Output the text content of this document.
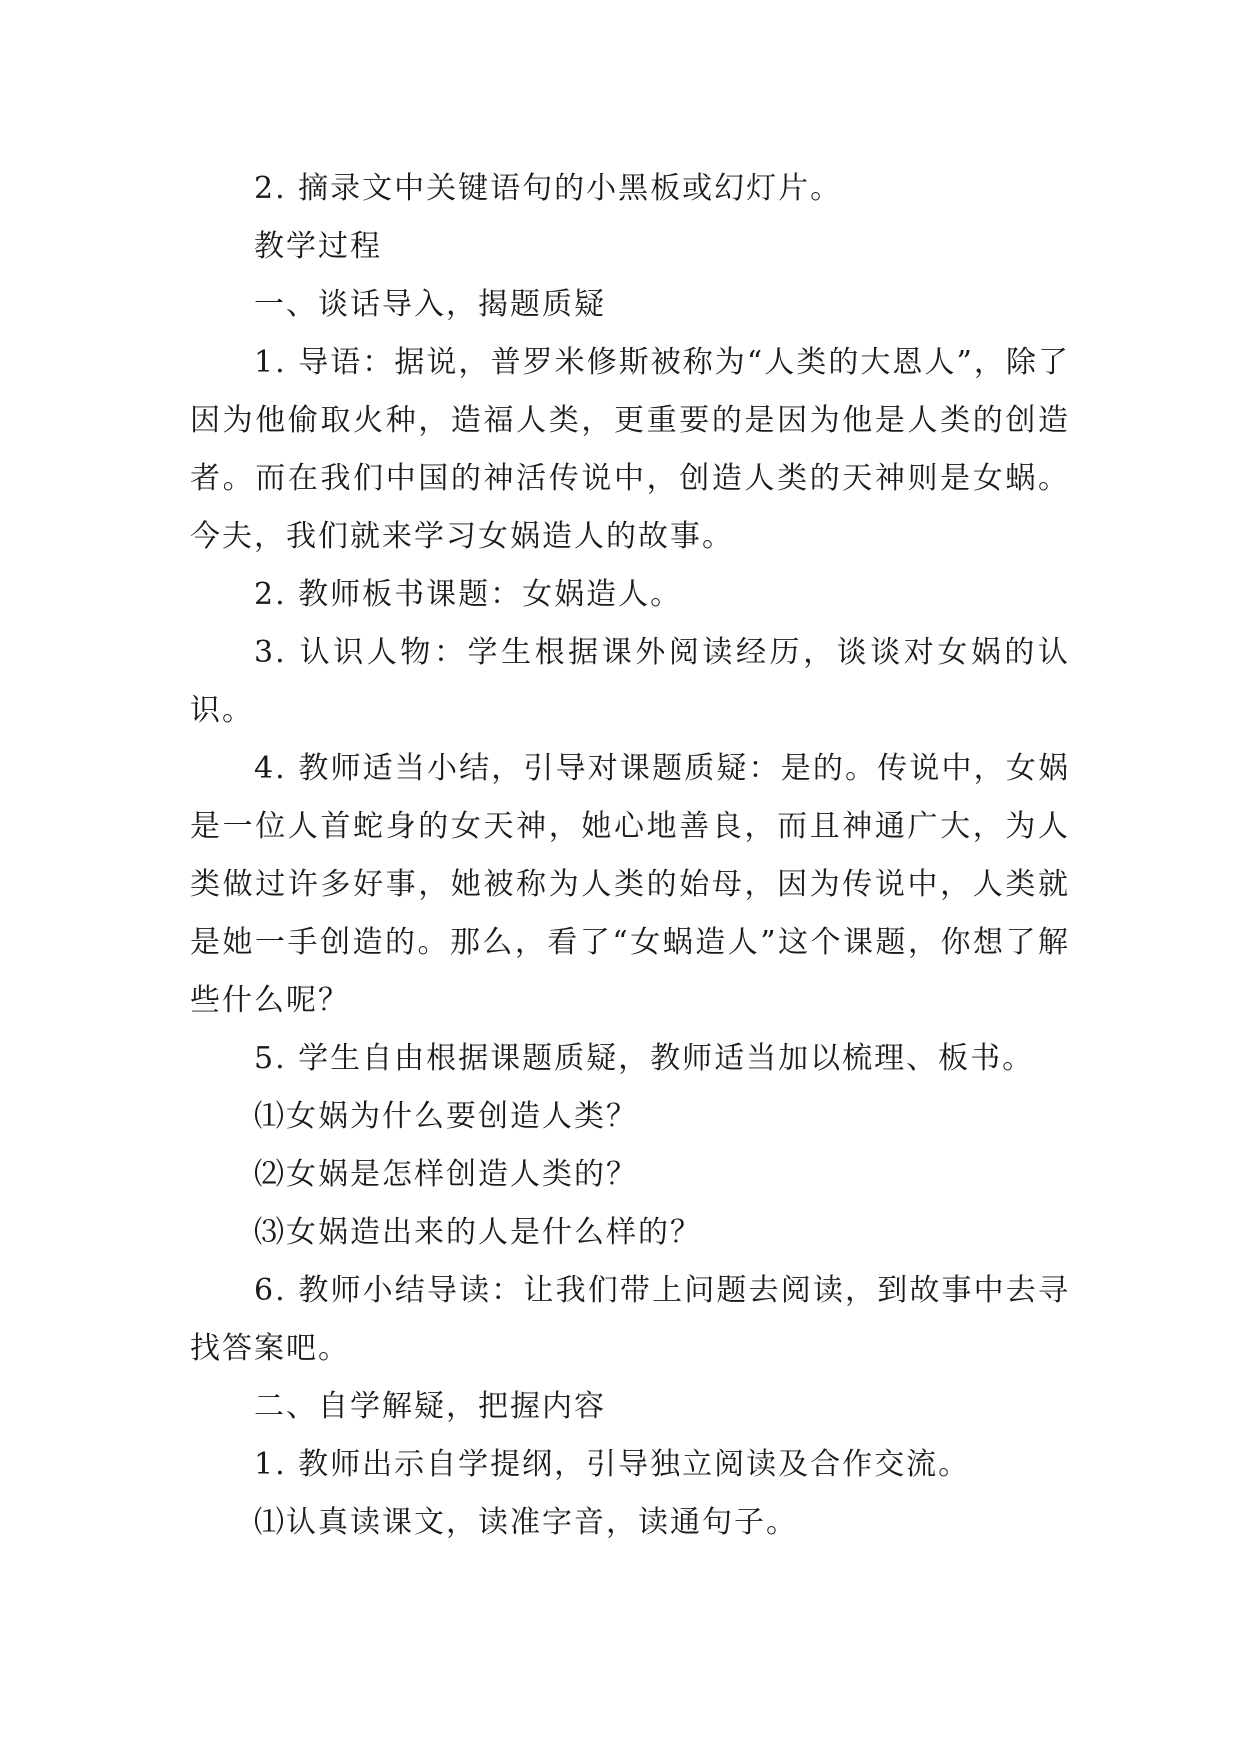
2. 摘录文中关键语句的小黑板或幻灯片。

教学过程

一、谈话导入，揭题质疑

1. 导语：据说，普罗米修斯被称为“人类的大恩人”，除了因为他偷取火种，造福人类，更重要的是因为他是人类的创造者。而在我们中国的神活传说中，创造人类的天神则是女蜗。今夫，我们就来学习女娲造人的故事。

2. 教师板书课题：女娲造人。

3. 认识人物：学生根据课外阅读经历，谈谈对女娲的认识。

4. 教师适当小结，引导对课题质疑：是的。传说中，女娲是一位人首蛇身的女天神，她心地善良，而且神通广大，为人类做过许多好事，她被称为人类的始母，因为传说中，人类就是她一手创造的。那么，看了“女蜗造人”这个课题，你想了解些什么呢？

5. 学生自由根据课题质疑，教师适当加以梳理、板书。

⑴女娲为什么要创造人类？

⑵女娲是怎样创造人类的？

⑶女娲造出来的人是什么样的？

6. 教师小结导读：让我们带上问题去阅读，到故事中去寻找答案吧。

二、自学解疑，把握内容

1. 教师出示自学提纲，引导独立阅读及合作交流。

⑴认真读课文，读准字音，读通句子。
